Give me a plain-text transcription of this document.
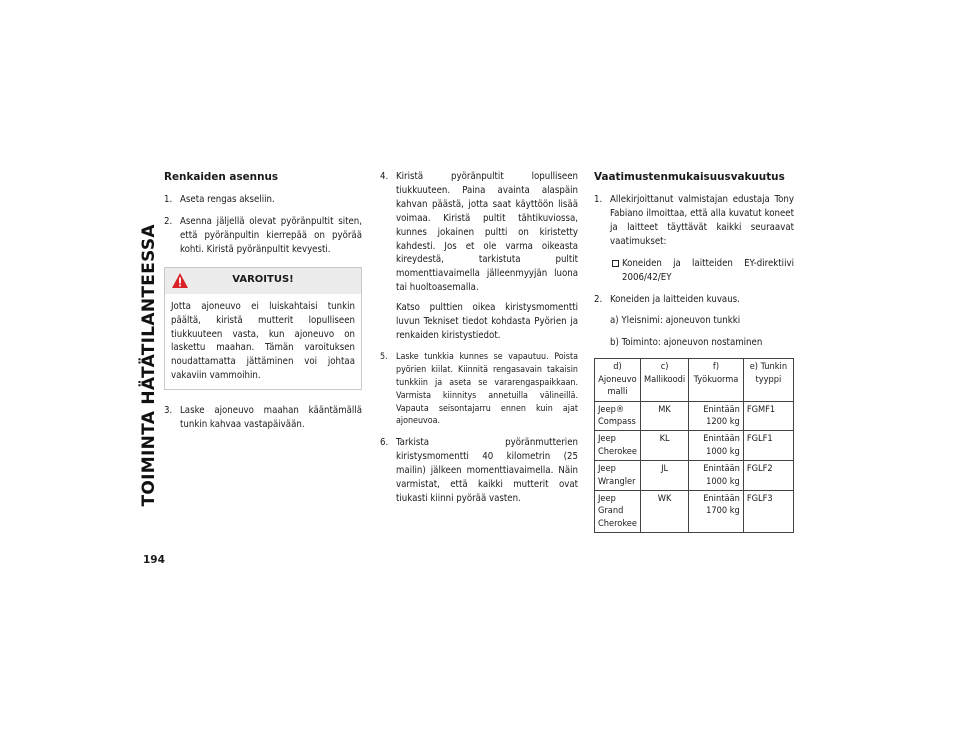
TOIMINTA HÄTÄTILANTEESSA
194
Renkaiden asennus
1. Aseta rengas akseliin.
2. Asenna jäljellä olevat pyöränpultit siten, että pyöränpultin kierrepää on pyörää kohti. Kiristä pyöränpultit kevyesti.
VAROITUS!
Jotta ajoneuvo ei luiskahtaisi tunkin päältä, kiristä mutterit lopulliseen tiukkuuteen vasta, kun ajoneuvo on laskettu maahan. Tämän varoituksen noudattamatta jättäminen voi johtaa vakaviin vammoihin.
3. Laske ajoneuvo maahan kääntämällä tunkin kahvaa vastapäivään.
4. Kiristä pyöränpultit lopulliseen tiukkuuteen. Paina avainta alaspäin kahvan päästä, jotta saat käyttöön lisää voimaa. Kiristä pultit tähtikuviossa, kunnes jokainen pultti on kiristetty kahdesti. Jos et ole varma oikeasta kireydestä, tarkistuta pultit momenttiavaimella jälleenmyyjän luona tai huoltoasemalla.
Katso pulttien oikea kiristysmomentti luvun Tekniset tiedot kohdasta Pyörien ja renkaiden kiristystiedot.
5. Laske tunkkia kunnes se vapautuu. Poista pyörien kiilat. Kiinnitä rengasavain takaisin tunkkiin ja aseta se vararengaspaikkaan. Varmista kiinnitys annetuilla välineillä. Vapauta seisontajarru ennen kuin ajat ajoneuvoa.
6. Tarkista pyöränmutterien kiristysmomentti 40 kilometrin (25 mailin) jälkeen momenttiavaimella. Näin varmistat, että kaikki mutterit ovat tiukasti kiinni pyörää vasten.
Vaatimustenmukaisuusvakuutus
1. Allekirjoittanut valmistajan edustaja Tony Fabiano ilmoittaa, että alla kuvatut koneet ja laitteet täyttävät kaikki seuraavat vaatimukset:
Koneiden ja laitteiden EY-direktiivi 2006/42/EY
2. Koneiden ja laitteiden kuvaus.
a) Yleisnimi: ajoneuvon tunkki
b) Toiminto: ajoneuvon nostaminen
d) Ajoneuvo malli	c) Mallikoodi	f) Työkuorma	e) Tunkin tyyppi
Jeep® Compass	MK	Enintään 1200 kg	FGMF1
Jeep Cherokee	KL	Enintään 1000 kg	FGLF1
Jeep Wrangler	JL	Enintään 1000 kg	FGLF2
Jeep Grand Cherokee	WK	Enintään 1700 kg	FGLF3
